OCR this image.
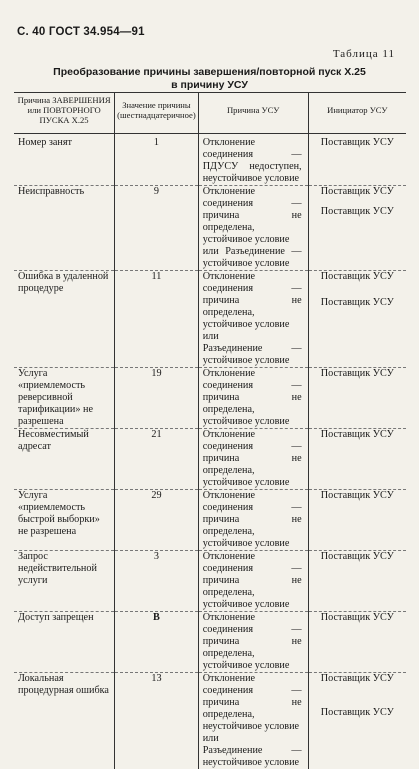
С. 40 ГОСТ 34.954—91
Таблица 11
Преобразование причины завершения/повторной пуск Х.25
в причину УСУ
Причина ЗАВЕРШЕНИЯ или ПОВТОРНОГО ПУСКА Х.25	Значение причины (шестнадцатеричное)	Причина УСУ	Инициатор УСУ
Номер занят	1	Отклонение соединения — ПДУСУ недоступен, неустойчивое условие	Поставщик УСУ

Неисправность	9	Отклонение соединения — причина не определена, устойчивое условие
или Разъединение — устойчивое условие	Поставщик УСУ
Поставщик УСУ

Ошибка в удаленной процедуре	11	Отклонение соединения — причина не определена, устойчивое условие
или
Разъединение — устойчивое условие	Поставщик УСУ
Поставщик УСУ

Услуга «приемлемость реверсивной тарификации» не разрешена	19	Отклонение соединения — причина не определена, устойчивое условие	Поставщик УСУ

Несовместимый адресат	21	Отклонение соединения — причина не определена, устойчивое условие	Поставщик УСУ

Услуга «приемлемость быстрой выборки» не разрешена	29	Отклонение соединения — причина не определена, устойчивое условие	Поставщик УСУ

Запрос недействительной услуги	3	Отклонение соединения — причина не определена, устойчивое условие	Поставщик УСУ

Доступ запрещен	B	Отклонение соединения — причина не определена, устойчивое условие	Поставщик УСУ

Локальная процедурная ошибка	13	Отклонение соединения — причина не определена, неустойчивое условие
или
Разъединение — неустойчивое условие	Поставщик УСУ
Поставщик УСУ
